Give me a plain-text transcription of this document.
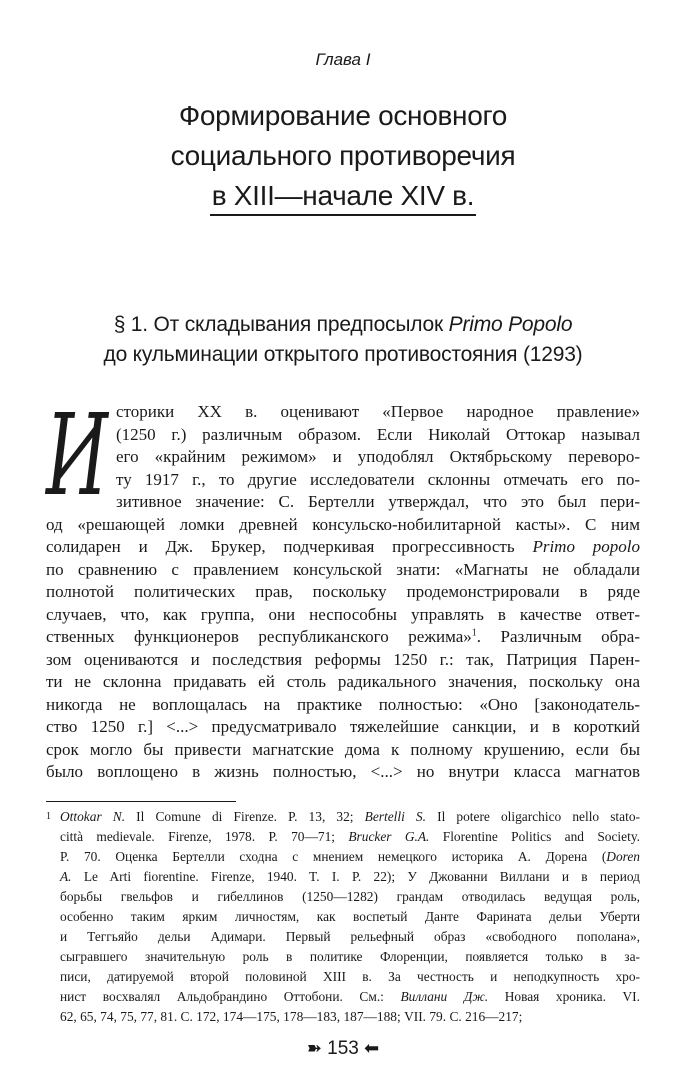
Глава I
Формирование основного
социального противоречия
в XIII—начале XIV в.
§ 1. От складывания предпосылок Primo Popolo
до кульминации открытого противостояния (1293)
И сторики XX в. оценивают «Первое народное правление»
(1250 г.) различным образом. Если Николай Оттокар называл
его «крайним режимом» и уподоблял Октябрьскому переворо-
ту 1917 г., то другие исследователи склонны отмечать его по-
зитивное значение: С. Бертелли утверждал, что это был пери-
од «решающей ломки древней консульско-нобилитарной касты». С ним
солидарен и Дж. Брукер, подчеркивая прогрессивность Primo popolo
по сравнению с правлением консульской знати: «Магнаты не обладали
полнотой политических прав, поскольку продемонстрировали в ряде
случаев, что, как группа, они неспособны управлять в качестве ответ-
ственных функционеров республиканского режима»$^1$. Различным обра-
зом оцениваются и последствия реформы 1250 г.: так, Патриция Парен-
ти не склонна придавать ей столь радикального значения, поскольку она
никогда не воплощалась на практике полностью: «Оно [законодатель-
ство 1250 г.] <...> предусматривало тяжелейшие санкции, и в короткий
срок могло бы привести магнатские дома к полному крушению, если бы
было воплощено в жизнь полностью, <...> но внутри класса магнатов
1 Ottokar N. Il Comune di Firenze. P. 13, 32; Bertelli S. Il potere oligarchico nello stato-
città medievale. Firenze, 1978. P. 70—71; Brucker G.A. Florentine Politics and Society.
P. 70. Оценка Бертелли сходна с мнением немецкого историка А. Дорена (Doren
A. Le Arti fiorentine. Firenze, 1940. T. I. P. 22); У Джованни Виллани и в период
борьбы гвельфов и гибеллинов (1250—1282) грандам отводилась ведущая роль,
особенно таким ярким личностям, как воспетый Данте Фарината дельи Уберти
и Теггьяйо дельи Адимари. Первый рельефный образ «свободного пополана»,
сыгравшего значительную роль в политике Флоренции, появляется только в за-
писи, датируемой второй половиной XIII в. За честность и неподкупность хро-
нист восхвалял Альдобрандино Оттобони. См.: Виллани Дж. Новая хроника. VI.
62, 65, 74, 75, 77, 81. С. 172, 174—175, 178—183, 187—188; VII. 79. С. 216—217;
➽ 153 ⬅
